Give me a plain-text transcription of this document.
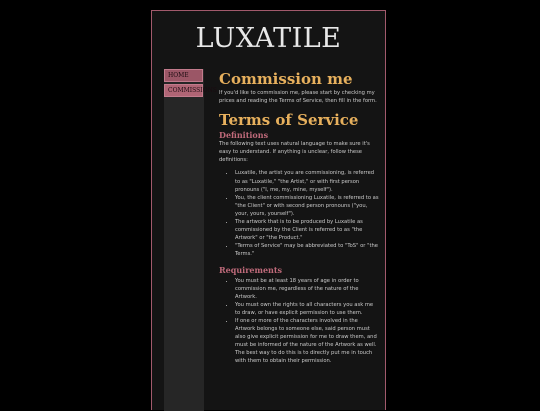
LUXATILE
HOME
COMMISSIONS
Commission me

If you'd like to commission me, please start by checking my prices and reading the Terms of Service, then fill in the form.

Terms of Service
Definitions

The following text uses natural language to make sure it's easy to understand. If anything is unclear, follow these definitions:

• Luxatile, the artist you are commissioning, is referred to as "Luxatile," "the Artist," or with first person pronouns ("I, me, my, mine, myself").
• You, the client commissioning Luxatile, is referred to as "the Client" or with second person pronouns ("you, your, yours, yourself").
• The artwork that is to be produced by Luxatile as commissioned by the Client is referred to as "the Artwork" or "the Product."
• "Terms of Service" may be abbreviated to "ToS" or "the Terms."
Requirements
• You must be at least 18 years of age in order to commission me, regardless of the nature of the Artwork.
• You must own the rights to all characters you ask me to draw, or have explicit permission to use them.
• If one or more of the characters involved in the Artwork belongs to someone else, said person must also give explicit permission for me to draw them, and must be informed of the nature of the Artwork as well. The best way to do this is to directly put me in touch with them to obtain their permission.
